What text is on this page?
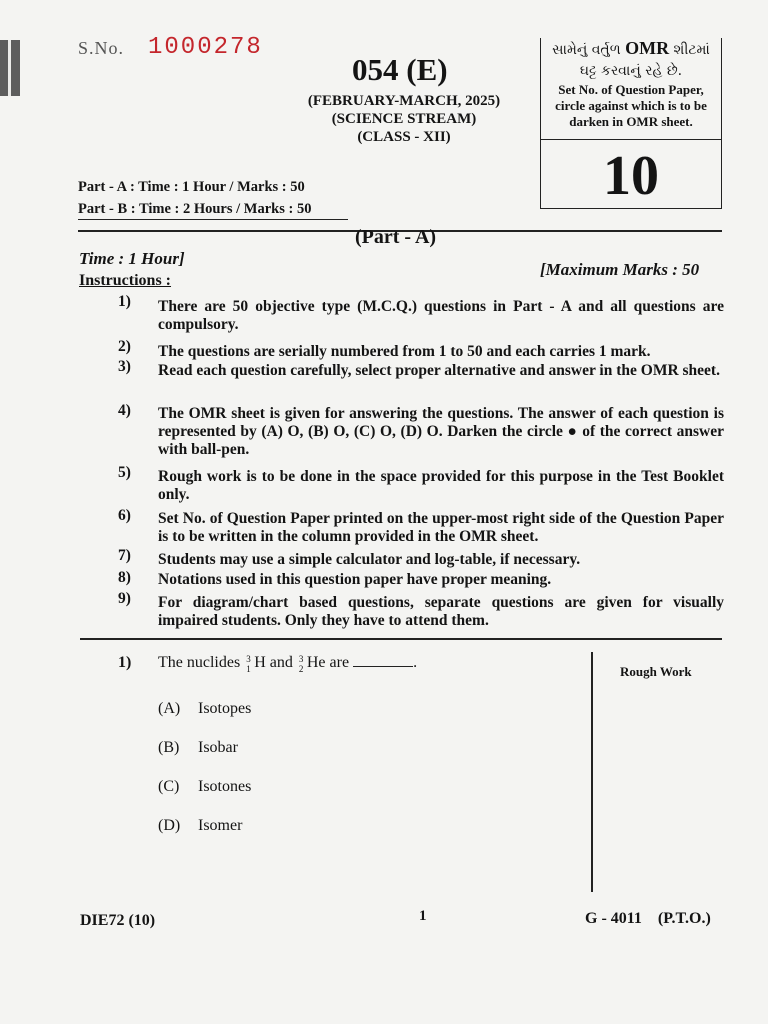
S.No. 1000278
054 (E)
(FEBRUARY-MARCH, 2025)
(SCIENCE STREAM)
(CLASS - XII)
સામેનું વર્તુળ OMR શીટમાં
ઘટ્ટ કરવાનું રહે છે.
Set No. of Question Paper,
circle against which is to be
darken in OMR sheet.
10
Part - A : Time : 1 Hour / Marks : 50
Part - B : Time : 2 Hours / Marks : 50
(Part - A)
Time : 1 Hour]
[Maximum Marks : 50
Instructions :
1) There are 50 objective type (M.C.Q.) questions in Part - A and all questions are compulsory.
2) The questions are serially numbered from 1 to 50 and each carries 1 mark.
3) Read each question carefully, select proper alternative and answer in the OMR sheet.
4) The OMR sheet is given for answering the questions. The answer of each question is represented by (A) O, (B) O, (C) O, (D) O. Darken the circle ● of the correct answer with ball-pen.
5) Rough work is to be done in the space provided for this purpose in the Test Booklet only.
6) Set No. of Question Paper printed on the upper-most right side of the Question Paper is to be written in the column provided in the OMR sheet.
7) Students may use a simple calculator and log-table, if necessary.
8) Notations used in this question paper have proper meaning.
9) For diagram/chart based questions, separate questions are given for visually impaired students. Only they have to attend them.
1) The nuclides 3
1 H and 3
2 He are	.
(A) Isotopes
(B) Isobar
(C) Isotones
(D) Isomer
Rough Work
DIE72 (10)	1	G - 4011    (P.T.O.)
